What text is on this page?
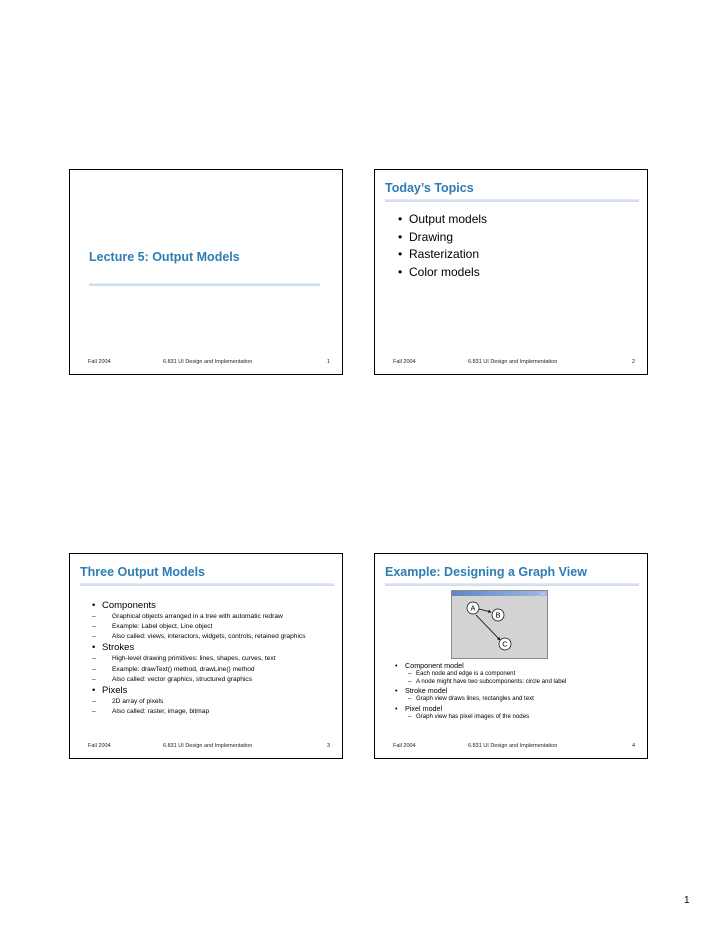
Lecture 5: Output Models
Fall 2004	6.831 UI Design and Implementation	1
Today’s Topics
• Output models
• Drawing
• Rasterization
• Color models
Fall 2004	6.831 UI Design and Implementation	2
Three Output Models
• Components
–	Graphical objects arranged in a tree with automatic redraw
–	Example: Label object, Line object
–	Also called: views, interactors, widgets, controls, retained graphics
• Strokes
–	High-level drawing primitives: lines, shapes, curves, text
–	Example: drawText() method, drawLine() method
–	Also called: vector graphics, structured graphics
• Pixels
–	2D array of pixels
–	Also called: raster, image, bitmap
Fall 2004	6.831 UI Design and Implementation	3
Example: Designing a Graph View
_□×
A
B
C
• Component model
– Each node and edge is a component
– A node might have two subcomponents: circle and label
• Stroke model
– Graph view draws lines, rectangles and text
• Pixel model
– Graph view has pixel images of the nodes
Fall 2004	6.831 UI Design and Implementation	4
1
